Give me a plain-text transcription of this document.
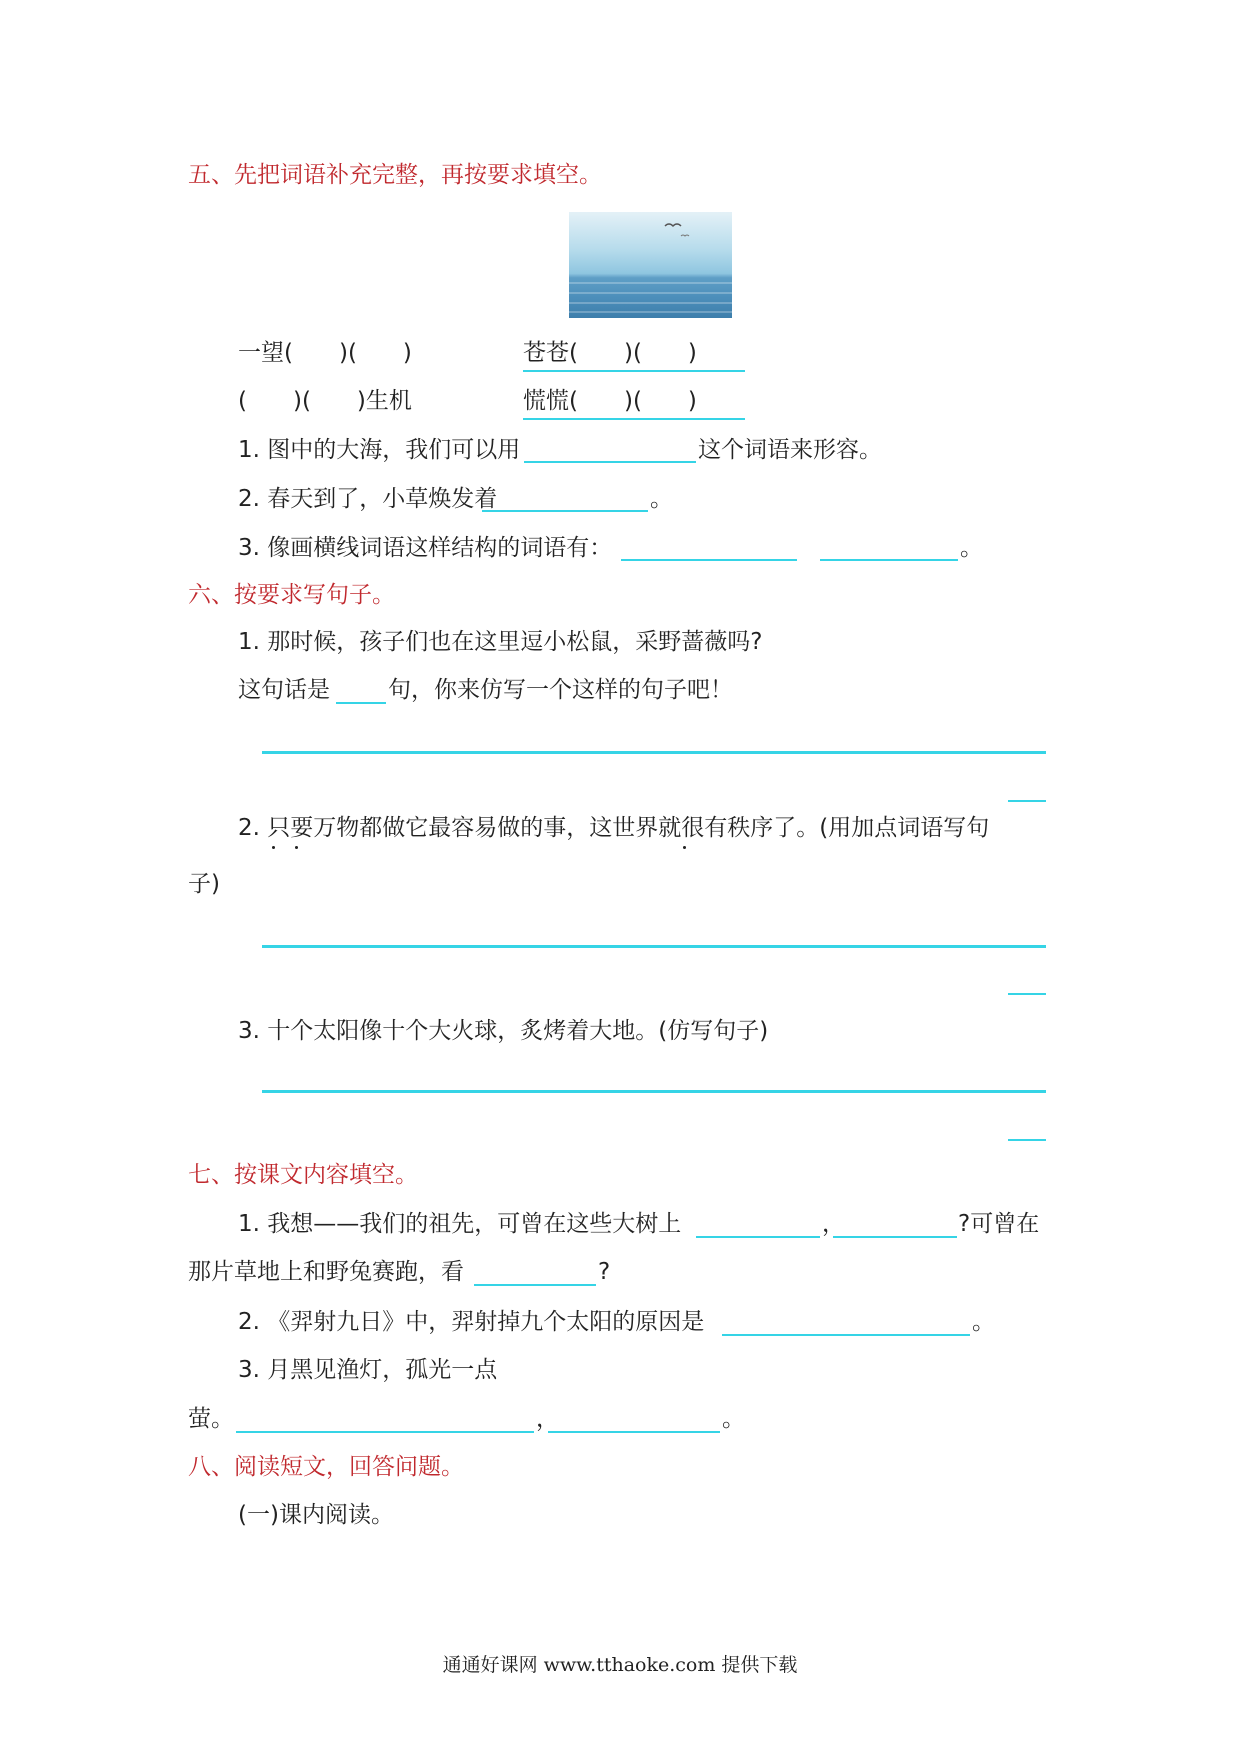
五、先把词语补充完整，再按要求填空。
一望(　　)(　　)	苍苍(　　)(　　)
(　　)(　　)生机	慌慌(　　)(　　)
1. 图中的大海，我们可以用	这个词语来形容。
2. 春天到了，小草焕发着	。
3. 像画横线词语这样结构的词语有：	。
六、按要求写句子。
1. 那时候，孩子们也在这里逗小松鼠，采野蔷薇吗?
这句话是	句，你来仿写一个这样的句子吧！
2. 只要万物都做它最容易做的事，这世界就很有秩序了。(用加点词语写句
子)
3. 十个太阳像十个大火球，炙烤着大地。(仿写句子)
七、按课文内容填空。
1. 我想——我们的祖先，可曾在这些大树上	，	?可曾在
那片草地上和野兔赛跑，看	?
2. 《羿射九日》中，羿射掉九个太阳的原因是	。
3. 月黑见渔灯，孤光一点
萤。	，	。
八、阅读短文，回答问题。
(一)课内阅读。
通通好课网 www.tthaoke.com 提供下载
